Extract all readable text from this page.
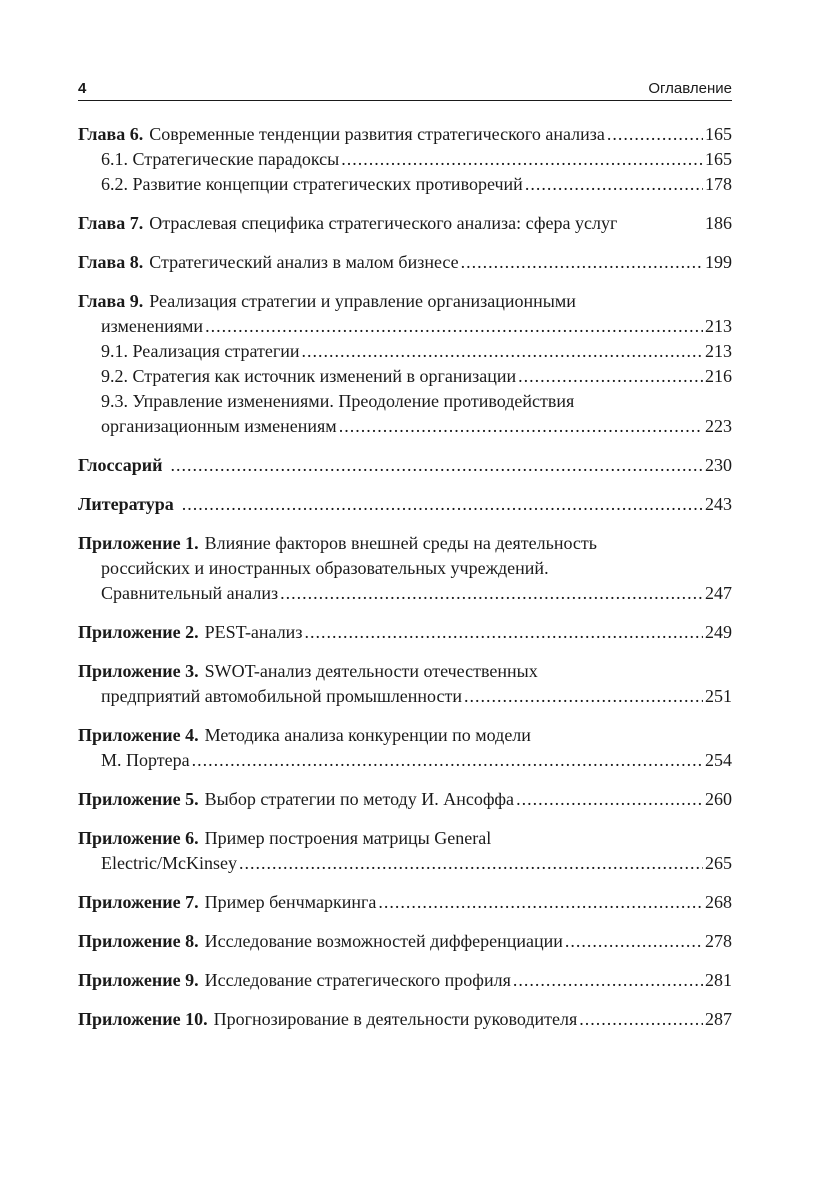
4	Оглавление
Глава 6. Современные тенденции развития стратегического анализа .....	165
6.1. Стратегические парадоксы .....	165
6.2. Развитие концепции стратегических противоречий .....	178
Глава 7. Отраслевая специфика стратегического анализа: сфера услуг	186
Глава 8. Стратегический анализ в малом бизнесе .....	199
Глава 9. Реализация стратегии и управление организационными
изменениями .....	213
9.1. Реализация стратегии .....	213
9.2. Стратегия как источник изменений в организации .....	216
9.3. Управление изменениями. Преодоление противодействия
организационным изменениям .....	223
Глоссарий .....	230
Литература .....	243
Приложение 1. Влияние факторов внешней среды на деятельность
российских и иностранных образовательных учреждений.
Сравнительный анализ .....	247
Приложение 2. PEST-анализ .....	249
Приложение 3. SWOT-анализ деятельности отечественных
предприятий автомобильной промышленности .....	251
Приложение 4. Методика анализа конкуренции по модели
М. Портера .....	254
Приложение 5. Выбор стратегии по методу И. Ансоффа .....	260
Приложение 6. Пример построения матрицы General
Electric/McKinsey .....	265
Приложение 7. Пример бенчмаркинга .....	268
Приложение 8. Исследование возможностей дифференциации .....	278
Приложение 9. Исследование стратегического профиля .....	281
Приложение 10. Прогнозирование в деятельности руководителя .....	287
